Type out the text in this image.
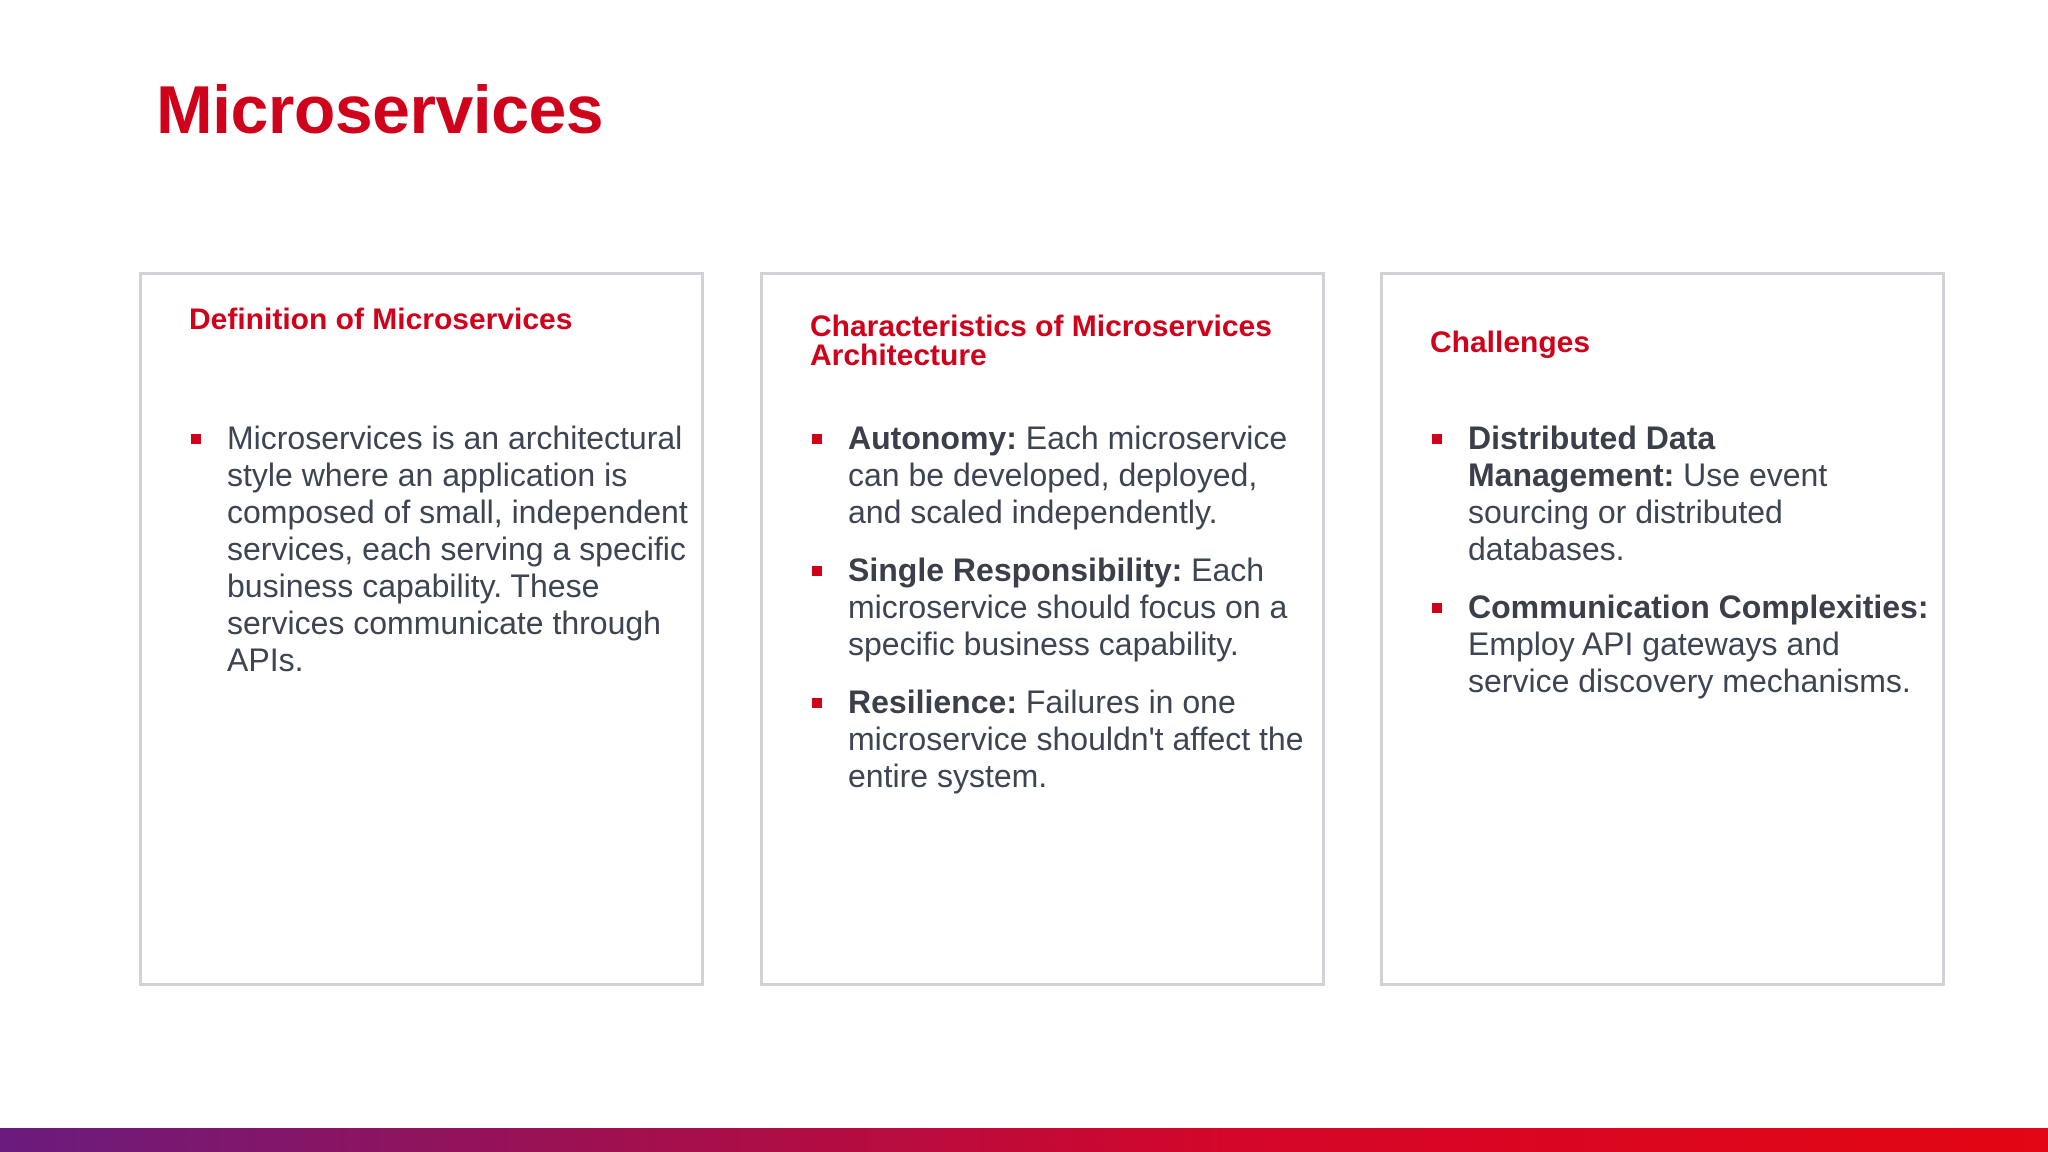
Microservices
Definition of Microservices
Microservices is an architectural style where an application is composed of small, independent services, each serving a specific business capability. These services communicate through APIs.
Characteristics of Microservices Architecture
Autonomy: Each microservice can be developed, deployed, and scaled independently.
Single Responsibility: Each microservice should focus on a specific business capability.
Resilience: Failures in one microservice shouldn't affect the entire system.
Challenges
Distributed Data Management: Use event sourcing or distributed databases.
Communication Complexities: Employ API gateways and service discovery mechanisms.
